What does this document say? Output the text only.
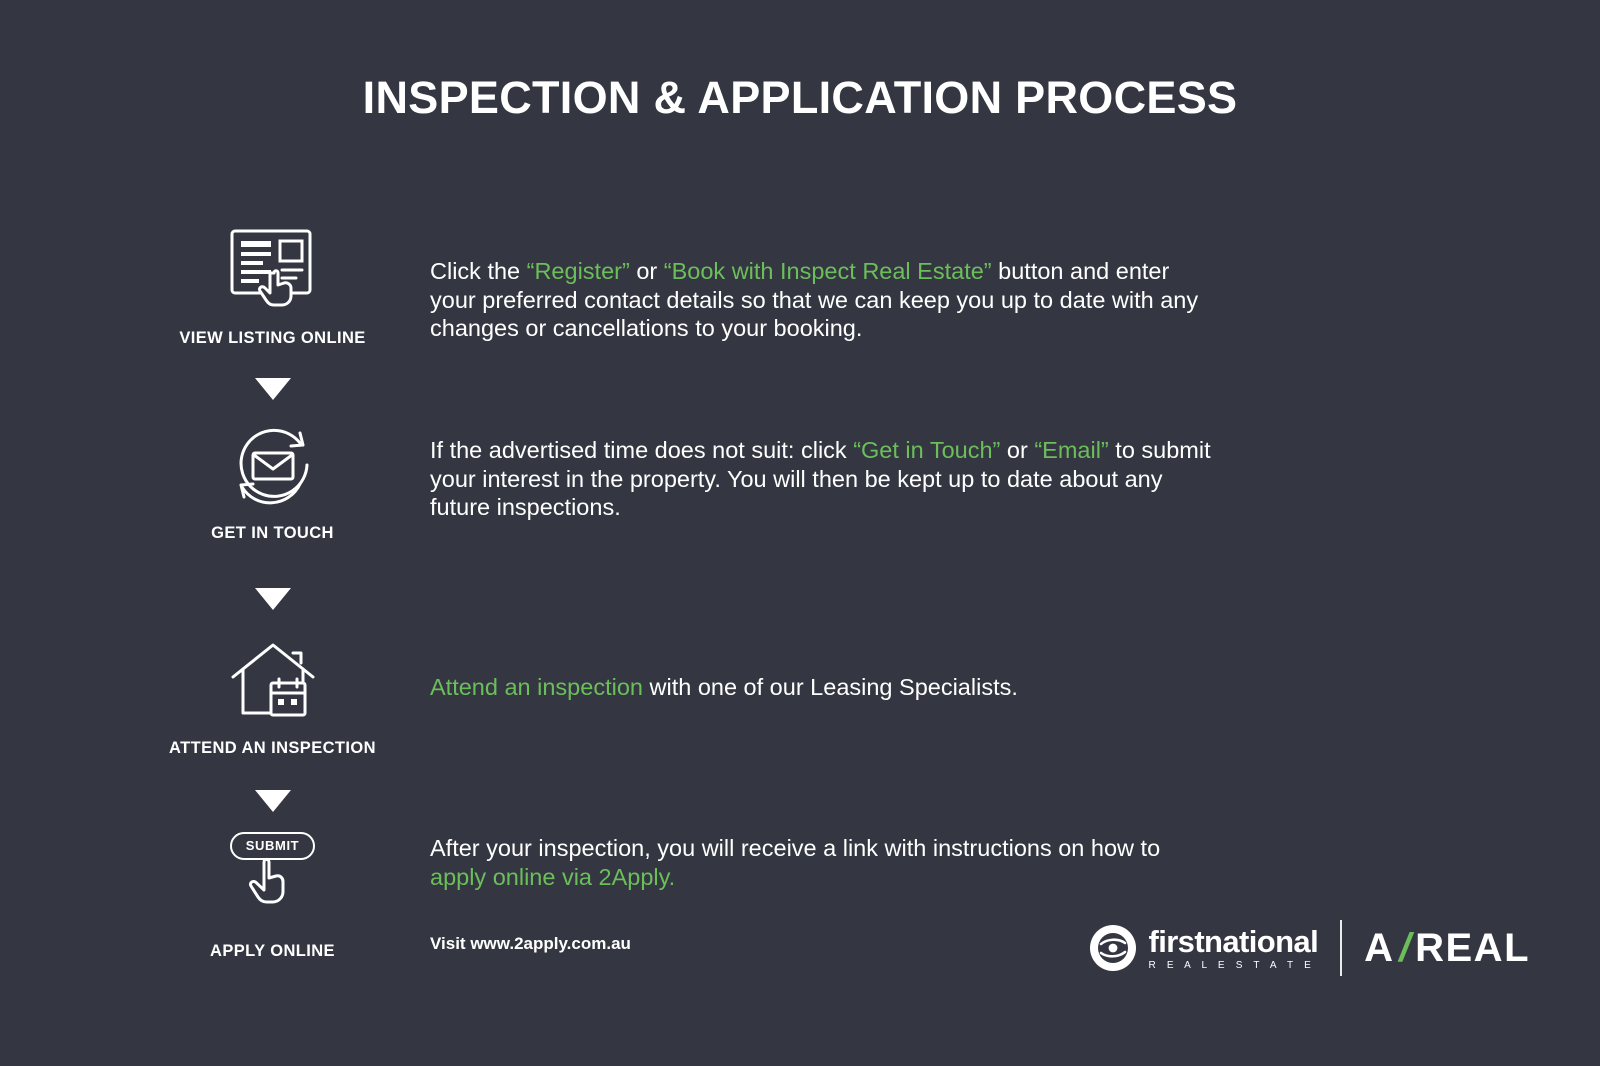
INSPECTION & APPLICATION PROCESS
VIEW LISTING ONLINE
Click the “Register” or “Book with Inspect Real Estate” button and enter your preferred contact details so that we can keep you up to date with any changes or cancellations to your booking.
GET IN TOUCH
If the advertised time does not suit: click “Get in Touch” or “Email” to submit your interest in the property. You will then be kept up to date about any future inspections.
ATTEND AN INSPECTION
Attend an inspection with one of our Leasing Specialists.
SUBMIT
APPLY ONLINE
After your inspection, you will receive a link with instructions on how to apply online via 2Apply.
Visit www.2apply.com.au	firstnational
R E A L E S T A T E A /
REAL
